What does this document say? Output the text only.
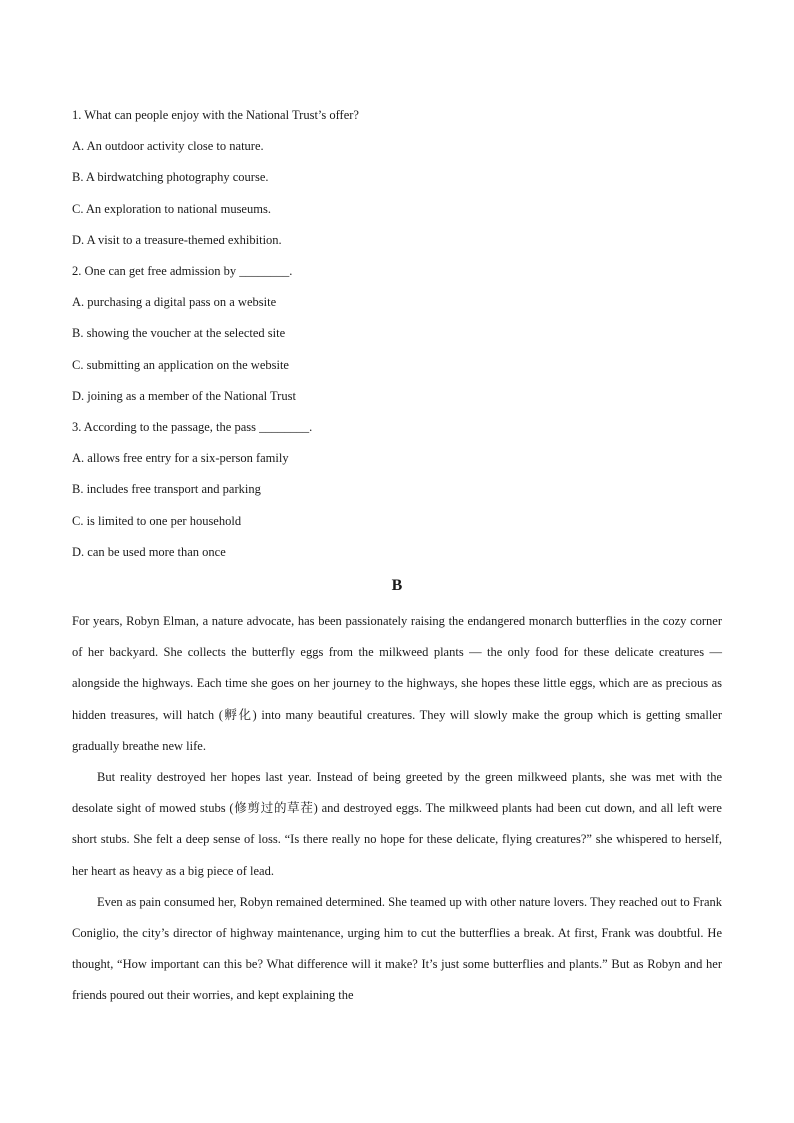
1. What can people enjoy with the National Trust’s offer?

A. An outdoor activity close to nature.

B. A birdwatching photography course.

C. An exploration to national museums.

D. A visit to a treasure-themed exhibition.

2. One can get free admission by ________.

A. purchasing a digital pass on a website

B. showing the voucher at the selected site

C. submitting an application on the website

D. joining as a member of the National Trust

3. According to the passage, the pass ________.

A. allows free entry for a six-person family

B. includes free transport and parking

C. is limited to one per household

D. can be used more than once

B

For years, Robyn Elman, a nature advocate, has been passionately raising the endangered monarch butterflies in the cozy corner of her backyard. She collects the butterfly eggs from the milkweed plants — the only food for these delicate creatures — alongside the highways. Each time she goes on her journey to the highways, she hopes these little eggs, which are as precious as hidden treasures, will hatch (孵化) into many beautiful creatures. They will slowly make the group which is getting smaller gradually breathe new life.

But reality destroyed her hopes last year. Instead of being greeted by the green milkweed plants, she was met with the desolate sight of mowed stubs (修剪过的草茬) and destroyed eggs. The milkweed plants had been cut down, and all left were short stubs. She felt a deep sense of loss. “Is there really no hope for these delicate, flying creatures?” she whispered to herself, her heart as heavy as a big piece of lead.

Even as pain consumed her, Robyn remained determined. She teamed up with other nature lovers. They reached out to Frank Coniglio, the city’s director of highway maintenance, urging him to cut the butterflies a break. At first, Frank was doubtful. He thought, “How important can this be? What difference will it make? It’s just some butterflies and plants.” But as Robyn and her friends poured out their worries, and kept explaining the
